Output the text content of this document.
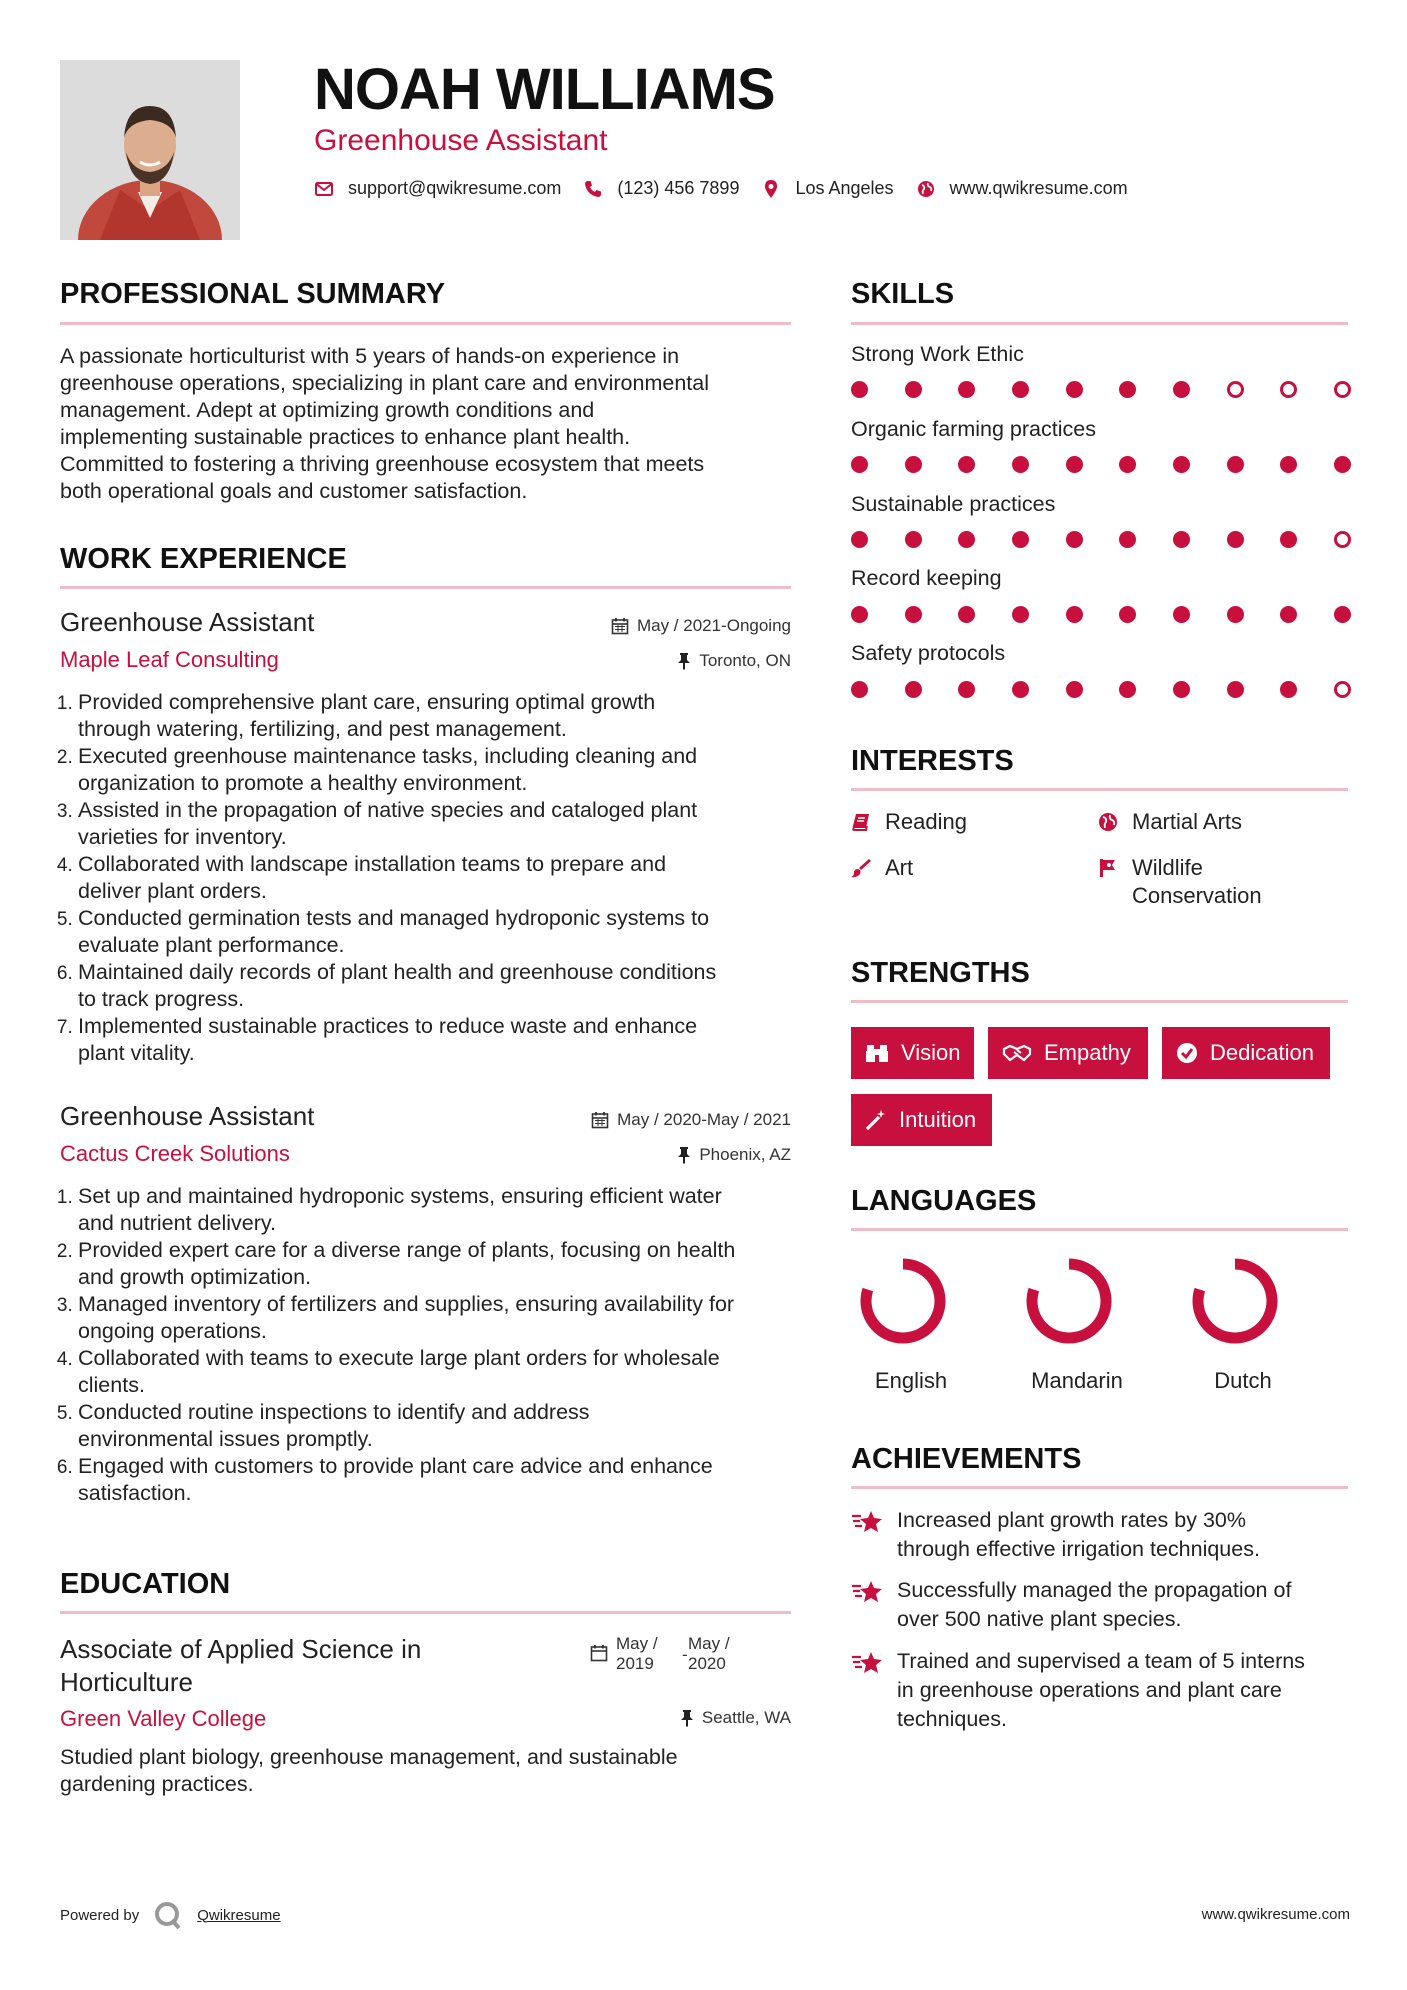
NOAH WILLIAMS
Greenhouse Assistant
support@qwikresume.com	(123) 456 7899	Los Angeles	www.qwikresume.com
PROFESSIONAL SUMMARY
A passionate horticulturist with 5 years of hands-on experience in
greenhouse operations, specializing in plant care and environmental
management. Adept at optimizing growth conditions and
implementing sustainable practices to enhance plant health.
Committed to fostering a thriving greenhouse ecosystem that meets
both operational goals and customer satisfaction.
WORK EXPERIENCE
Greenhouse Assistant	May / 2021-Ongoing
Maple Leaf Consulting	Toronto, ON
1. Provided comprehensive plant care, ensuring optimal growth
through watering, fertilizing, and pest management.
2. Executed greenhouse maintenance tasks, including cleaning and
organization to promote a healthy environment.
3. Assisted in the propagation of native species and cataloged plant
varieties for inventory.
4. Collaborated with landscape installation teams to prepare and
deliver plant orders.
5. Conducted germination tests and managed hydroponic systems to
evaluate plant performance.
6. Maintained daily records of plant health and greenhouse conditions
to track progress.
7. Implemented sustainable practices to reduce waste and enhance
plant vitality.
Greenhouse Assistant	May / 2020-May / 2021
Cactus Creek Solutions	Phoenix, AZ
1. Set up and maintained hydroponic systems, ensuring efficient water
and nutrient delivery.
2. Provided expert care for a diverse range of plants, focusing on health
and growth optimization.
3. Managed inventory of fertilizers and supplies, ensuring availability for
ongoing operations.
4. Collaborated with teams to execute large plant orders for wholesale
clients.
5. Conducted routine inspections to identify and address
environmental issues promptly.
6. Engaged with customers to provide plant care advice and enhance
satisfaction.
EDUCATION
Associate of Applied Science in
Horticulture
May /
2019	-
May /
2020
Green Valley College	Seattle, WA
Studied plant biology, greenhouse management, and sustainable
gardening practices.
SKILLS
Strong Work Ethic
Organic farming practices
Sustainable practices
Record keeping
Safety protocols
INTERESTS
Reading	Martial Arts
Art	Wildlife
Conservation
STRENGTHS
Vision	Empathy	Dedication
Intuition
LANGUAGES
English	Mandarin	Dutch
ACHIEVEMENTS
Increased plant growth rates by 30%
through effective irrigation techniques.
Successfully managed the propagation of
over 500 native plant species.
Trained and supervised a team of 5 interns
in greenhouse operations and plant care
techniques.
Powered by	Qwikresume	www.qwikresume.com
